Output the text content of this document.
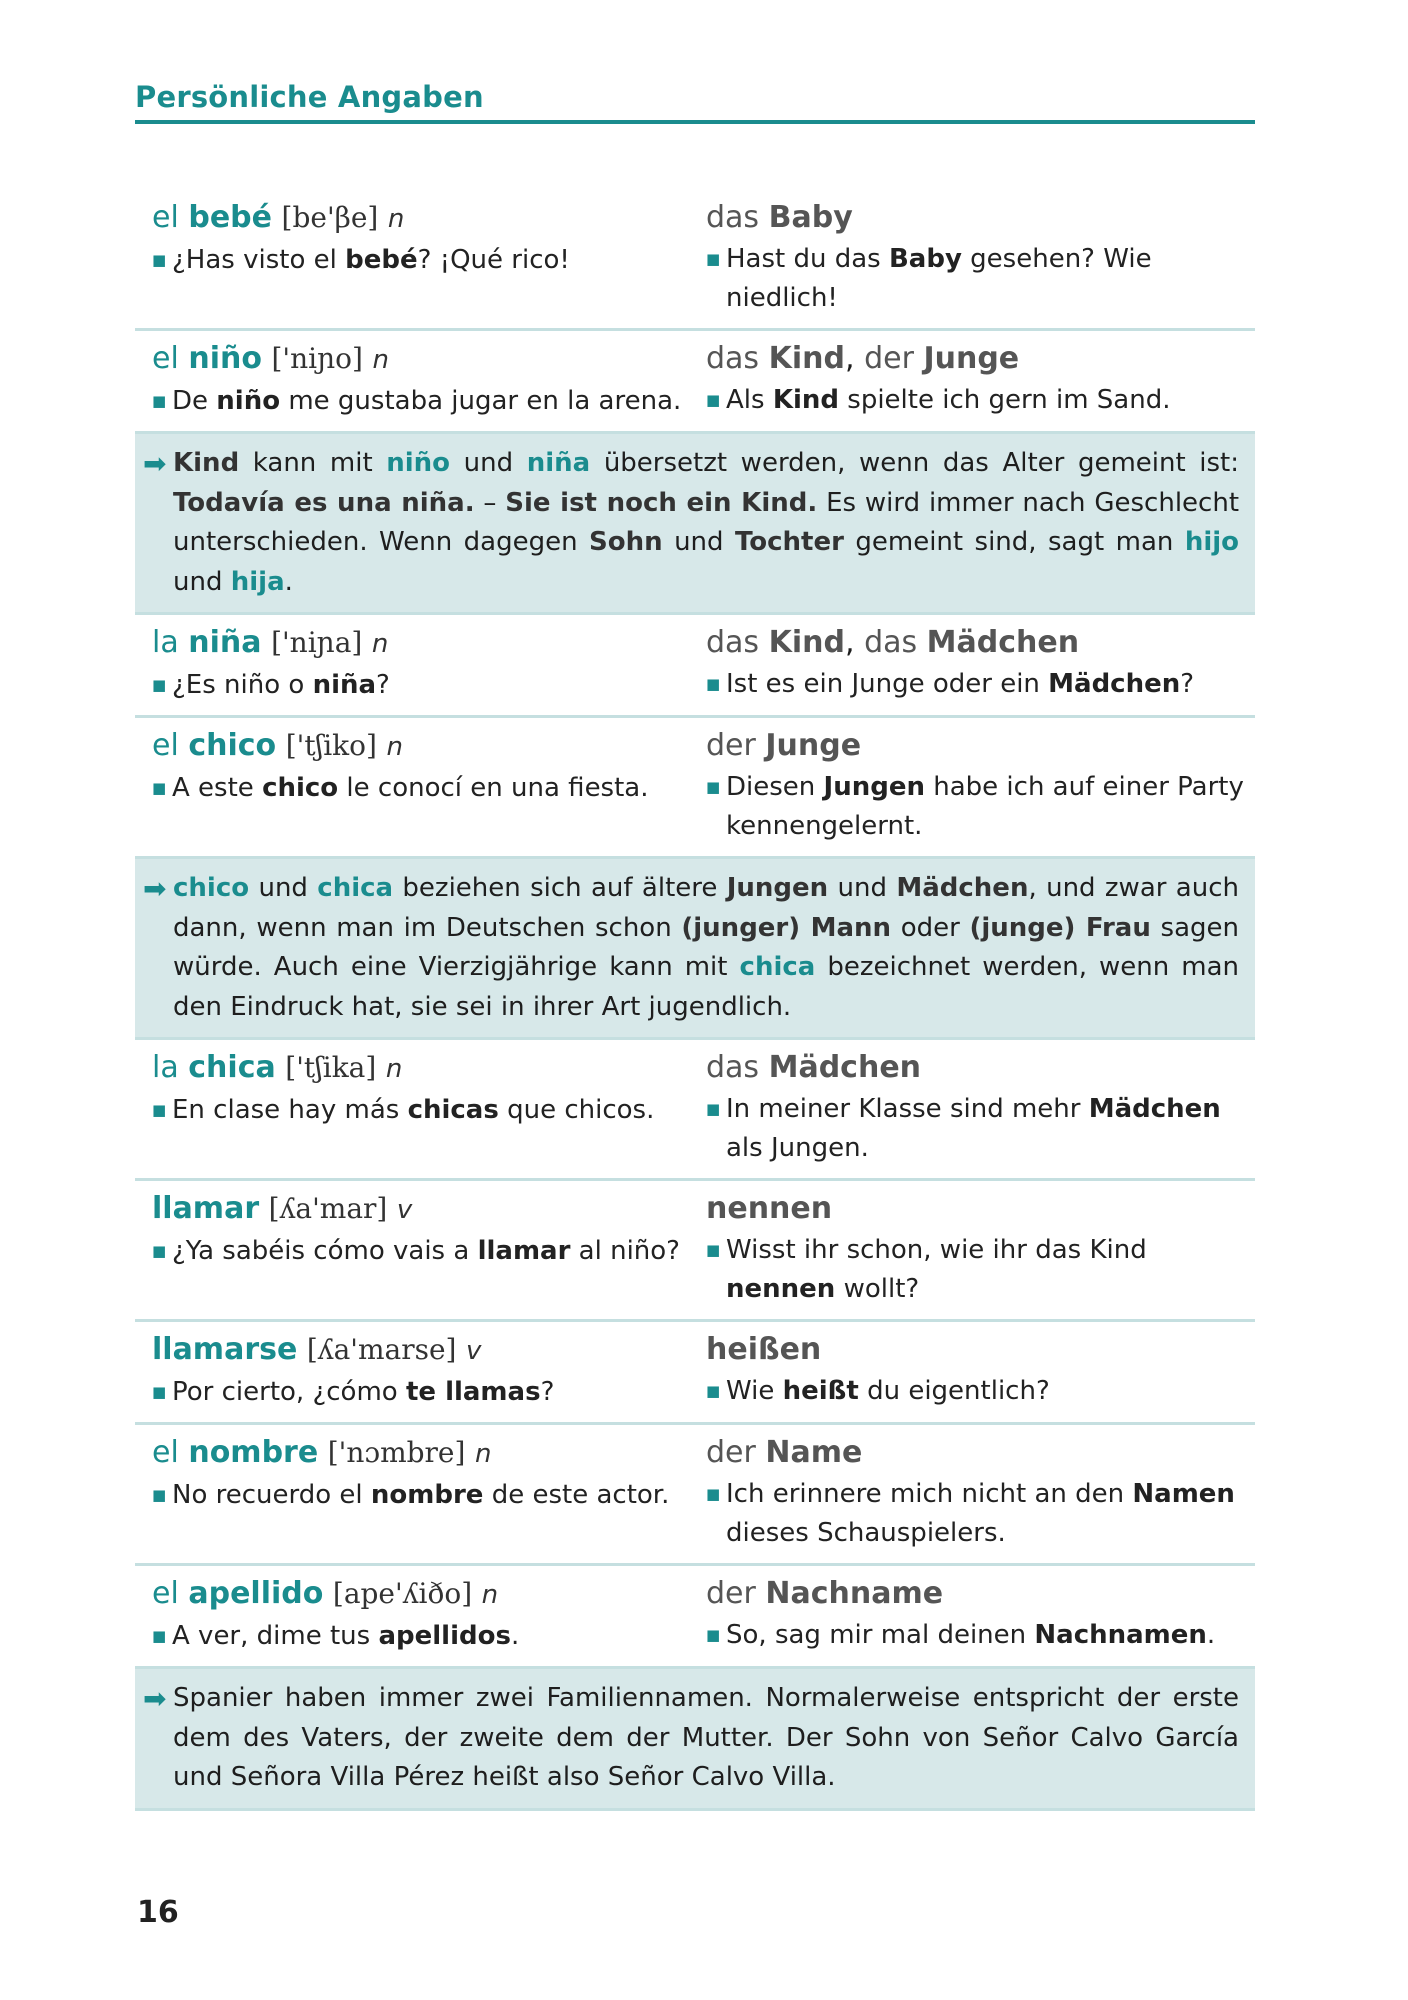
Persönliche Angaben
el bebé [be'βe] n
■
¿Has visto el bebé? ¡Qué rico!
das Baby
■
Hast du das Baby gesehen? Wie niedlich!
el niño ['niɲo] n
■
De niño me gustaba jugar en la arena.
das Kind, der Junge
■
Als Kind spielte ich gern im Sand.
➡ Kind kann mit niño und niña übersetzt werden, wenn das Alter gemeint ist: Todavía es una niña. – Sie ist noch ein Kind. Es wird immer nach Geschlecht unterschieden. Wenn dagegen Sohn und Tochter gemeint sind, sagt man hijo und hija.
la niña ['niɲa] n
■
¿Es niño o niña?
das Kind, das Mädchen
■
Ist es ein Junge oder ein Mädchen?
el chico ['tʃiko] n
■
A este chico le conocí en una fiesta.
der Junge
■
Diesen Jungen habe ich auf einer Party kennengelernt.
➡ chico und chica beziehen sich auf ältere Jungen und Mädchen, und zwar auch dann, wenn man im Deutschen schon (junger) Mann oder (junge) Frau sagen würde. Auch eine Vierzigjährige kann mit chica bezeichnet werden, wenn man den Eindruck hat, sie sei in ihrer Art jugendlich.
la chica ['tʃika] n
■
En clase hay más chicas que chicos.
das Mädchen
■
In meiner Klasse sind mehr Mädchen als Jungen.
llamar [ʎa'mar] v
■
¿Ya sabéis cómo vais a llamar al niño?
nennen
■
Wisst ihr schon, wie ihr das Kind nennen wollt?
llamarse [ʎa'marse] v
■
Por cierto, ¿cómo te llamas?
heißen
■
Wie heißt du eigentlich?
el nombre ['nɔmbre] n
■
No recuerdo el nombre de este actor.
der Name
■
Ich erinnere mich nicht an den Namen dieses Schauspielers.
el apellido [ape'ʎiðo] n
■
A ver, dime tus apellidos.
der Nachname
■
So, sag mir mal deinen Nachnamen.
➡ Spanier haben immer zwei Familiennamen. Normalerweise entspricht der erste dem des Vaters, der zweite dem der Mutter. Der Sohn von Señor Calvo García und Señora Villa Pérez heißt also Señor Calvo Villa.
16
